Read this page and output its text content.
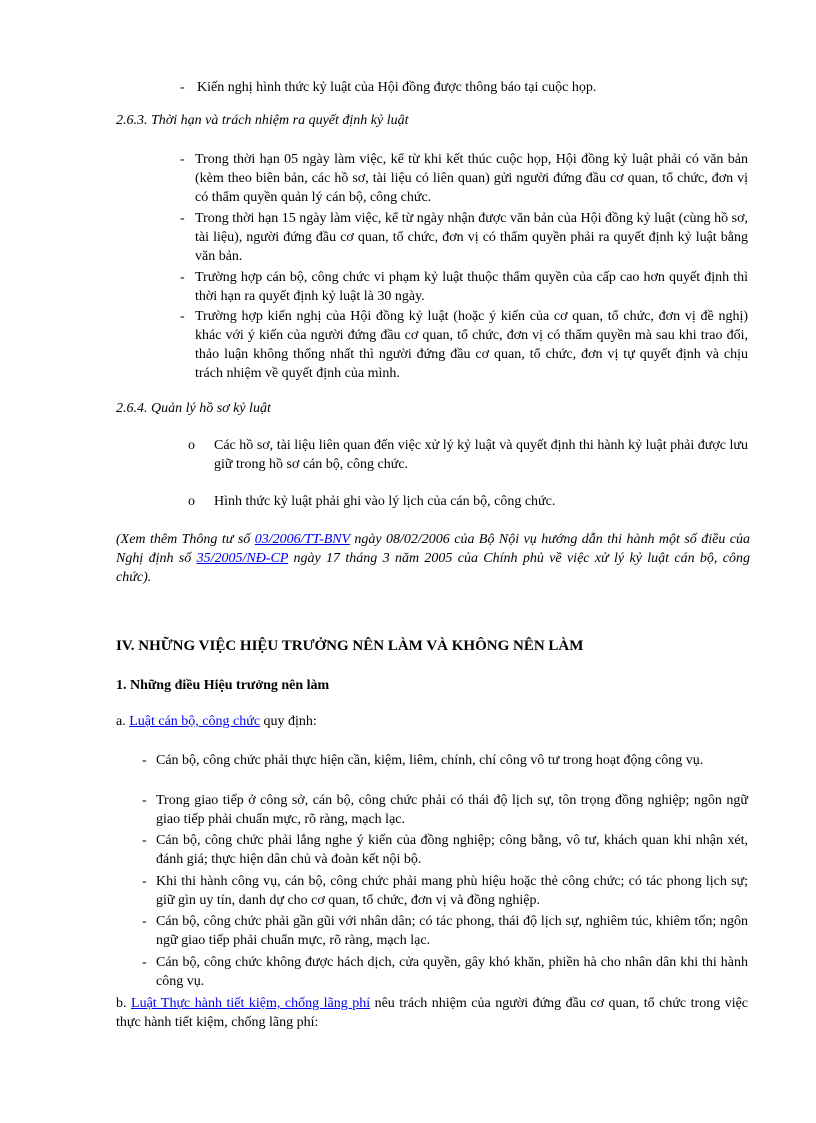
- Kiến nghị hình thức kỷ luật của Hội đồng được thông báo tại cuộc họp.
2.6.3. Thời hạn và trách nhiệm ra quyết định kỷ luật
- Trong thời hạn 05 ngày làm việc, kể từ khi kết thúc cuộc họp, Hội đồng kỷ luật phải có văn bản (kèm theo biên bản, các hồ sơ, tài liệu có liên quan) gửi người đứng đầu cơ quan, tổ chức, đơn vị có thẩm quyền quản lý cán bộ, công chức.
- Trong thời hạn 15 ngày làm việc, kể từ ngày nhận được văn bản của Hội đồng kỷ luật (cùng hồ sơ, tài liệu), người đứng đầu cơ quan, tổ chức, đơn vị có thẩm quyền phải ra quyết định kỷ luật bằng văn bản.
- Trường hợp cán bộ, công chức vi phạm kỷ luật thuộc thẩm quyền của cấp cao hơn quyết định thì thời hạn ra quyết định kỷ luật là 30 ngày.
- Trường hợp kiến nghị của Hội đồng kỷ luật (hoặc ý kiến của cơ quan, tổ chức, đơn vị đề nghị) khác với ý kiến của người đứng đầu cơ quan, tổ chức, đơn vị có thẩm quyền mà sau khi trao đổi, thảo luận không thống nhất thì người đứng đầu cơ quan, tổ chức, đơn vị tự quyết định và chịu trách nhiệm về quyết định của mình.
2.6.4. Quản lý hồ sơ kỷ luật
o Các hồ sơ, tài liệu liên quan đến việc xử lý kỷ luật và quyết định thi hành kỷ luật phải được lưu giữ trong hồ sơ cán bộ, công chức.
o Hình thức kỷ luật phải ghi vào lý lịch của cán bộ, công chức.
(Xem thêm Thông tư số 03/2006/TT-BNV ngày 08/02/2006 của Bộ Nội vụ hướng dẫn thi hành một số điều của Nghị định số 35/2005/NĐ-CP ngày 17 tháng 3 năm 2005 của Chính phủ về việc xử lý kỷ luật cán bộ, công chức).
IV. NHỮNG VIỆC HIỆU TRƯỞNG NÊN LÀM VÀ KHÔNG NÊN LÀM
1. Những điều Hiệu trưởng nên làm
a. Luật cán bộ, công chức quy định:
- Cán bộ, công chức phải thực hiện cần, kiệm, liêm, chính, chí công vô tư trong hoạt động công vụ.
- Trong giao tiếp ở công sở, cán bộ, công chức phải có thái độ lịch sự, tôn trọng đồng nghiệp; ngôn ngữ giao tiếp phải chuẩn mực, rõ ràng, mạch lạc.
- Cán bộ, công chức phải lắng nghe ý kiến của đồng nghiệp; công bằng, vô tư, khách quan khi nhận xét, đánh giá; thực hiện dân chủ và đoàn kết nội bộ.
- Khi thi hành công vụ, cán bộ, công chức phải mang phù hiệu hoặc thẻ công chức; có tác phong lịch sự; giữ gìn uy tín, danh dự cho cơ quan, tổ chức, đơn vị và đồng nghiệp.
- Cán bộ, công chức phải gần gũi với nhân dân; có tác phong, thái độ lịch sự, nghiêm túc, khiêm tốn; ngôn ngữ giao tiếp phải chuẩn mực, rõ ràng, mạch lạc.
- Cán bộ, công chức không được hách dịch, cửa quyền, gây khó khăn, phiền hà cho nhân dân khi thi hành công vụ.
b. Luật Thực hành tiết kiệm, chống lãng phí nêu trách nhiệm của người đứng đầu cơ quan, tổ chức trong việc thực hành tiết kiệm, chống lãng phí:
